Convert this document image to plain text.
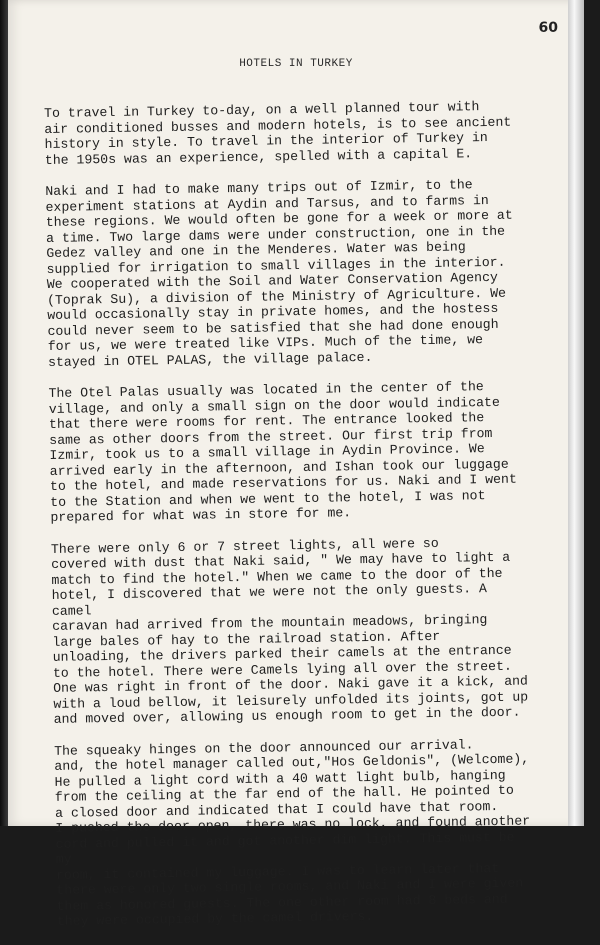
60
HOTELS IN TURKEY

To travel in Turkey to-day, on a well planned tour with
air conditioned busses and modern hotels, is to see ancient
history in style. To travel in the interior of Turkey in
the 1950s was an experience, spelled with a capital E.

Naki and I had to make many trips out of Izmir, to the
experiment stations at Aydin and Tarsus, and to farms in
these regions. We would often be gone for a week or more at
a time. Two large dams were under construction, one in the
Gedez valley and one in the Menderes. Water was being
supplied for irrigation to small villages in the interior.
We cooperated with the Soil and Water Conservation Agency
(Toprak Su), a division of the Ministry of Agriculture. We
would occasionally stay in private homes, and the hostess
could never seem to be satisfied that she had done enough
for us, we were treated like VIPs. Much of the time, we
stayed in OTEL PALAS, the village palace.

The Otel Palas usually was located in the center of the
village, and only a small sign on the door would indicate
that there were rooms for rent. The entrance looked the
same as other doors from the street. Our first trip from
Izmir, took us to a small village in Aydin Province. We
arrived early in the afternoon, and Ishan took our luggage
to the hotel, and made reservations for us. Naki and I went
to the Station and when we went to the hotel, I was not
prepared for what was in store for me.

There were only 6 or 7 street lights, all were so
covered with dust that Naki said, " We may have to light a
match to find the hotel." When we came to the door of the
hotel, I discovered that we were not the only guests. A camel
caravan had arrived from the mountain meadows, bringing
large bales of hay to the railroad station. After
unloading, the drivers parked their camels at the entrance
to the hotel. There were Camels lying all over the street.
One was right in front of the door. Naki gave it a kick, and
with a loud bellow, it leisurely unfolded its joints, got up
and moved over, allowing us enough room to get in the door.

The squeaky hinges on the door announced our arrival.
and, the hotel manager called out,"Hos Geldonis", (Welcome),
He pulled a light cord with a 40 watt light bulb, hanging
from the ceiling at the far end of the hall. He pointed to
a closed door and indicated that I could have that room.
I pushed the door open, there was no lock, and found another
cord and pulled it and got another dim light. This must be my
room, it contained my luggage. I was to learn later that
there were only two single rooms, and Naki and I were given
them as honored guests. The one other room had 8 beds and
they were occupied by the camel drivers.
